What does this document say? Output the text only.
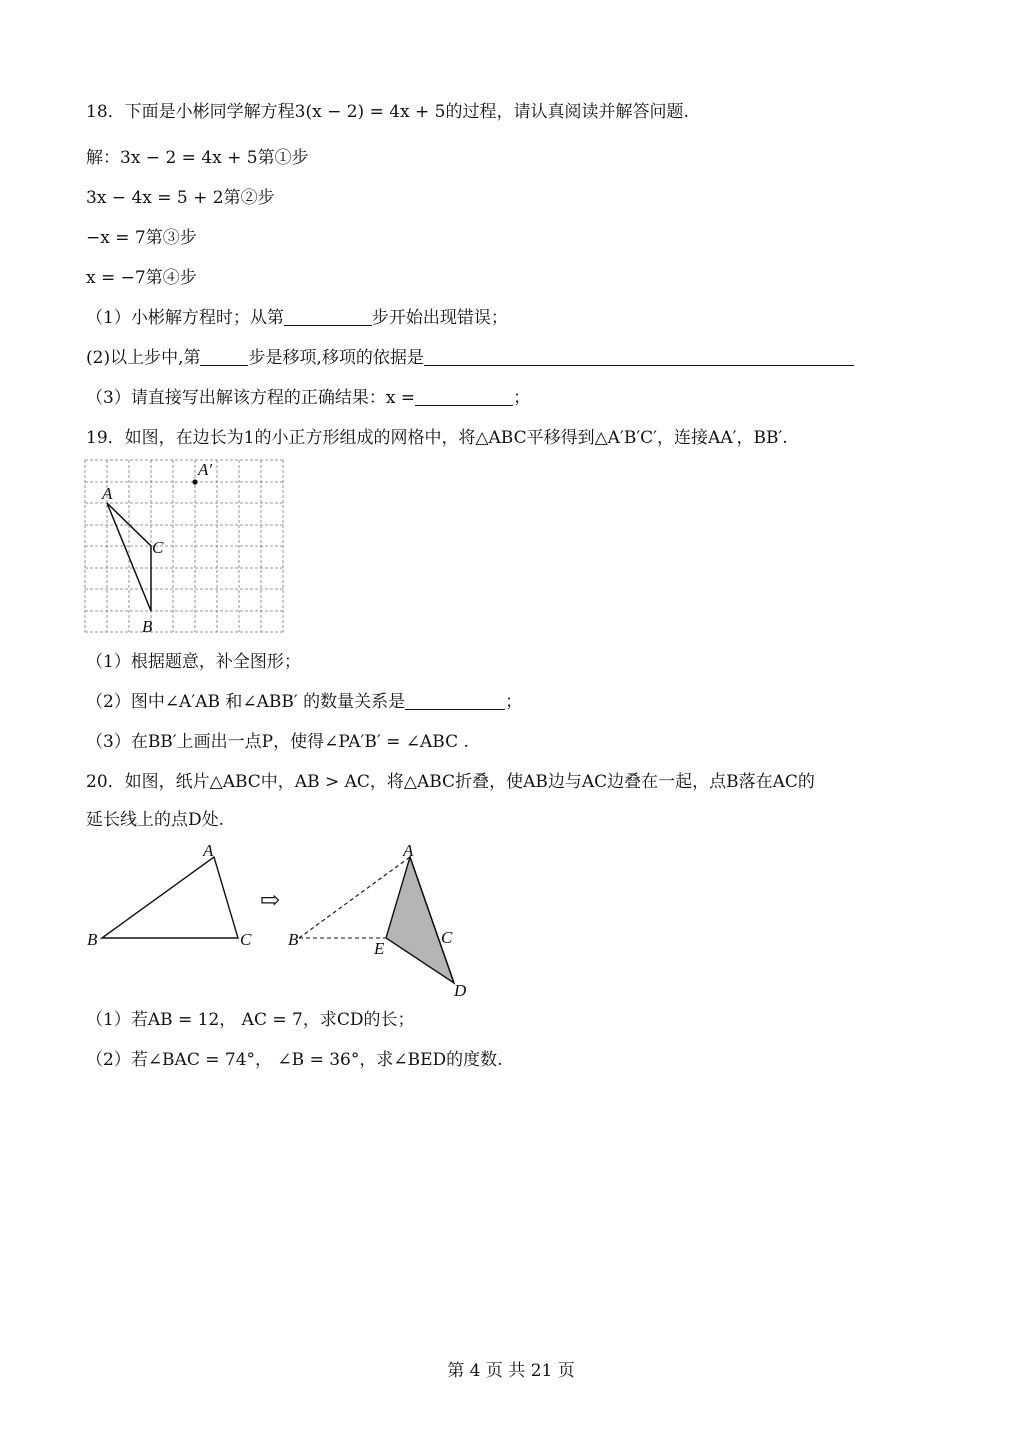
18．下面是小彬同学解方程3(x − 2) = 4x + 5的过程，请认真阅读并解答问题.
解：3x − 2 = 4x + 5第①步
3x − 4x = 5 + 2第②步
−x = 7第③步
x = −7第④步
（1）小彬解方程时；从第	步开始出现错误；
(2)以上步中,第	步是移项,移项的依据是
（3）请直接写出解该方程的正确结果：x =	；
19．如图，在边长为1的小正方形组成的网格中，将△ABC平移得到△A′B′C′，连接AA′，BB′.
A
A′
C
B
（1）根据题意，补全图形；
（2）图中∠A′AB 和∠ABB′ 的数量关系是	；
（3）在BB′上画出一点P，使得∠PA′B′ = ∠ABC .
20．如图，纸片△ABC中，AB > AC，将△ABC折叠，使AB边与AC边叠在一起，点B落在AC的
延长线上的点D处.
A
B	C
⇨
A
B	E
C
D
（1）若AB = 12， AC = 7，求CD的长；
（2）若∠BAC = 74°， ∠B = 36°，求∠BED的度数.
第 4 页 共 21 页
